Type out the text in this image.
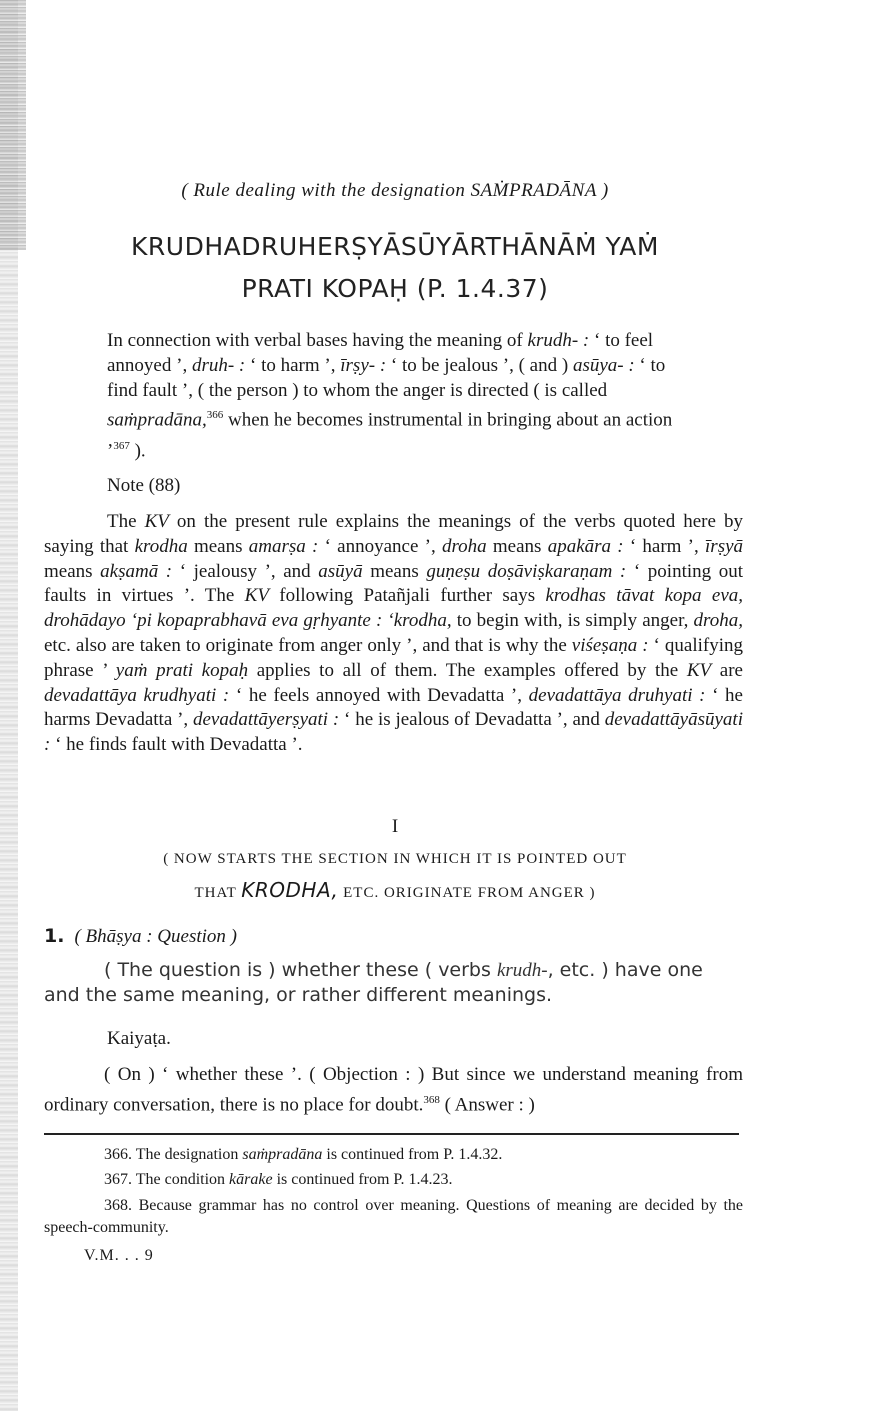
( Rule dealing with the designation SAṀPRADĀNA )
KRUDHADRUHERṢYĀSŪYĀRTHĀNĀṀ YAṀ
PRATI KOPAḤ (P. 1.4.37)
In connection with verbal bases having the meaning of krudh- : ‘ to feel annoyed ’, druh- : ‘ to harm ’, īrṣy- : ‘ to be jealous ’, ( and ) asūya- : ‘ to find fault ’, ( the person ) to whom the anger is directed ( is called saṁpradāna,$^{366}$ when he becomes instrumental in bringing about an action ’$^{367}$ ).
Note (88)

The KV on the present rule explains the meanings of the verbs quoted here by saying that krodha means amarṣa : ‘ annoyance ’, droha means apakāra : ‘ harm ’, īrṣyā means akṣamā : ‘ jealousy ’, and asūyā means guṇeṣu doṣāviṣkaraṇam : ‘ pointing out faults in virtues ’. The KV following Patañjali further says krodhas tāvat kopa eva, drohādayo ‘pi kopaprabhavā eva gṛhyante : ‘krodha, to begin with, is simply anger, droha, etc. also are taken to originate from anger only ’, and that is why the viśeṣaṇa : ‘ qualifying phrase ’ yaṁ prati kopaḥ applies to all of them. The examples offered by the KV are devadattāya krudhyati : ‘ he feels annoyed with Devadatta ’, devadattāya druhyati : ‘ he harms Devadatta ’, devadattāyerṣyati : ‘ he is jealous of Devadatta ’, and devadattāyāsūyati : ‘ he finds fault with Devadatta ’.

I
( NOW STARTS THE SECTION IN WHICH IT IS POINTED OUT
THAT KRODHA, ETC. ORIGINATE FROM ANGER )
1. ( Bhāṣya : Question )

( The question is ) whether these ( verbs krudh-, etc. ) have one and the same meaning, or rather different meanings.

Kaiyaṭa.

( On ) ‘ whether these ’. ( Objection : ) But since we understand meaning from ordinary conversation, there is no place for doubt.$^{368}$ ( Answer : )

366. The designation saṁpradāna is continued from P. 1.4.32.

367. The condition kārake is continued from P. 1.4.23.

368. Because grammar has no control over meaning. Questions of meaning are decided by the speech-community.

V.M. . . 9
